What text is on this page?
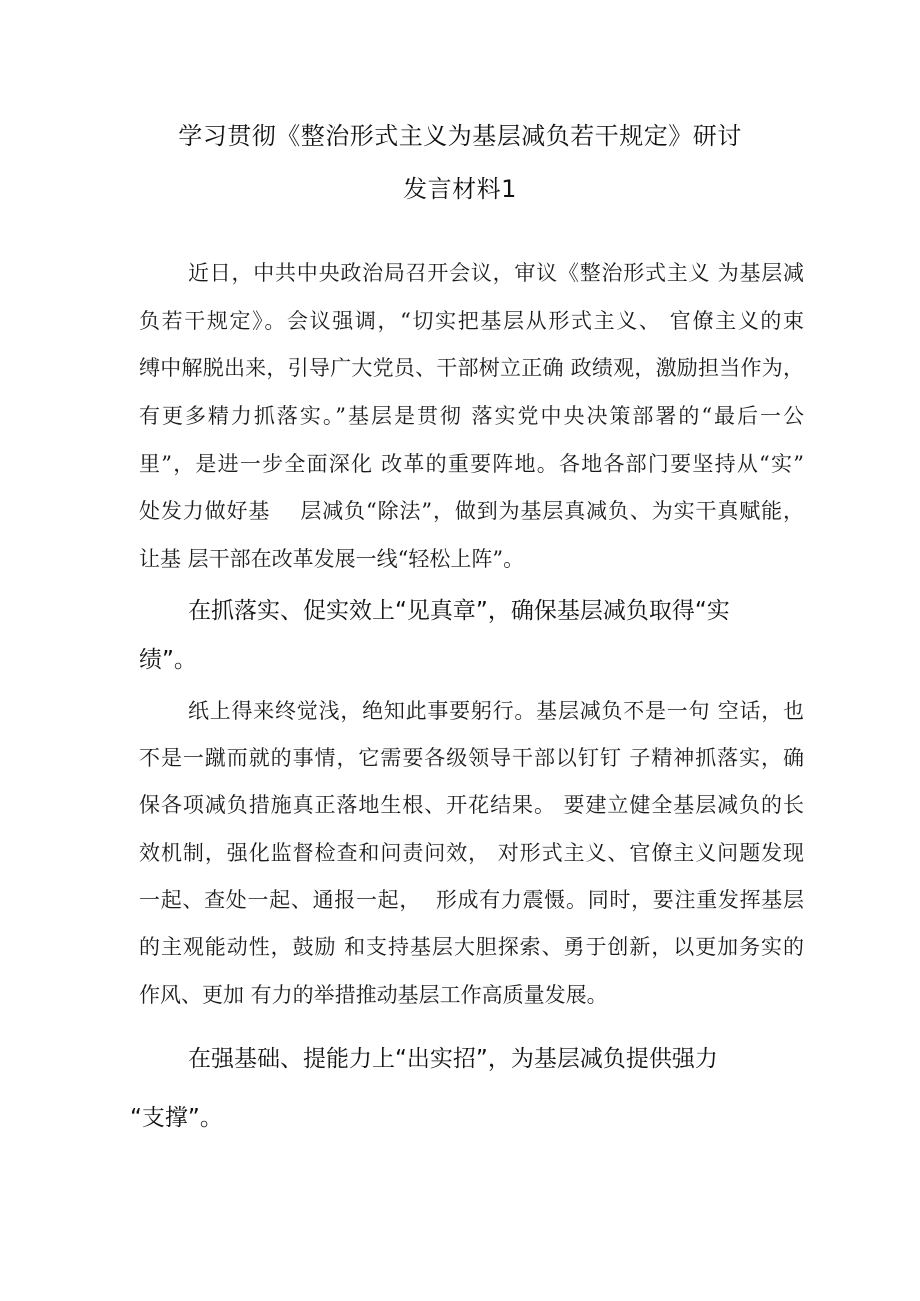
学习贯彻《整治形式主义为基层减负若干规定》研讨
发言材料1
近日，中共中央政治局召开会议，审议《整治形式主义 为基层减
负若干规定》。会议强调，“切实把基层从形式主义、 官僚主义的束
缚中解脱出来，引导广大党员、干部树立正确 政绩观，激励担当作为，
有更多精力抓落实。”基层是贯彻 落实党中央决策部署的“最后一公
里”，是进一步全面深化 改革的重要阵地。各地各部门要坚持从“实”
处发力做好基    层减负“除法”，做到为基层真减负、为实干真赋能，
让基 层干部在改革发展一线“轻松上阵”。
在抓落实、促实效上“见真章”，确保基层减负取得“实
绩”。
纸上得来终觉浅，绝知此事要躬行。基层减负不是一句 空话，也
不是一蹴而就的事情，它需要各级领导干部以钉钉 子精神抓落实，确
保各项减负措施真正落地生根、开花结果。 要建立健全基层减负的长
效机制，强化监督检查和问责问效， 对形式主义、官僚主义问题发现
一起、查处一起、通报一起，  形成有力震慑。同时，要注重发挥基层
的主观能动性，鼓励 和支持基层大胆探索、勇于创新，以更加务实的
作风、更加 有力的举措推动基层工作高质量发展。
在强基础、提能力上“出实招”，为基层减负提供强力
“支撑”。
